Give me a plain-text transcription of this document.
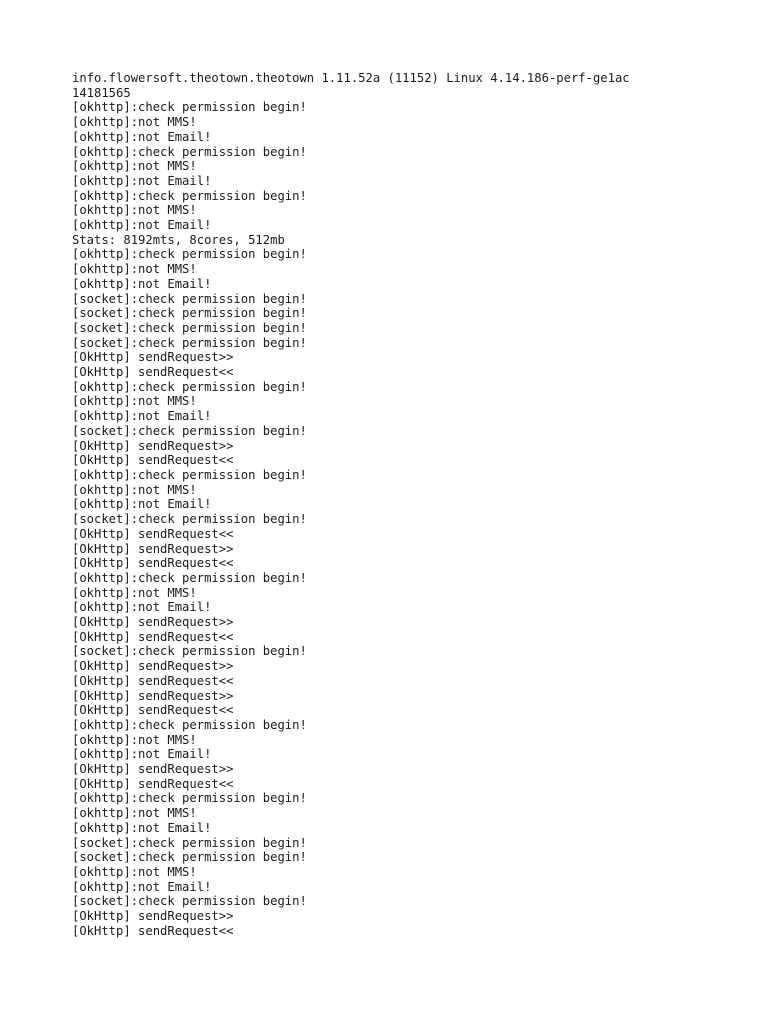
info.flowersoft.theotown.theotown 1.11.52a (11152) Linux 4.14.186-perf-ge1ac14181565
[okhttp]:check permission begin!
[okhttp]:not MMS!
[okhttp]:not Email!
[okhttp]:check permission begin!
[okhttp]:not MMS!
[okhttp]:not Email!
[okhttp]:check permission begin!
[okhttp]:not MMS!
[okhttp]:not Email!
Stats: 8192mts, 8cores, 512mb
[okhttp]:check permission begin!
[okhttp]:not MMS!
[okhttp]:not Email!
[socket]:check permission begin!
[socket]:check permission begin!
[socket]:check permission begin!
[socket]:check permission begin!
[OkHttp] sendRequest>>
[OkHttp] sendRequest<<
[okhttp]:check permission begin!
[okhttp]:not MMS!
[okhttp]:not Email!
[socket]:check permission begin!
[OkHttp] sendRequest>>
[OkHttp] sendRequest<<
[okhttp]:check permission begin!
[okhttp]:not MMS!
[okhttp]:not Email!
[socket]:check permission begin!
[OkHttp] sendRequest<<
[OkHttp] sendRequest>>
[OkHttp] sendRequest<<
[okhttp]:check permission begin!
[okhttp]:not MMS!
[okhttp]:not Email!
[OkHttp] sendRequest>>
[OkHttp] sendRequest<<
[socket]:check permission begin!
[OkHttp] sendRequest>>
[OkHttp] sendRequest<<
[OkHttp] sendRequest>>
[OkHttp] sendRequest<<
[okhttp]:check permission begin!
[okhttp]:not MMS!
[okhttp]:not Email!
[OkHttp] sendRequest>>
[OkHttp] sendRequest<<
[okhttp]:check permission begin!
[okhttp]:not MMS!
[okhttp]:not Email!
[socket]:check permission begin!
[socket]:check permission begin!
[okhttp]:not MMS!
[okhttp]:not Email!
[socket]:check permission begin!
[OkHttp] sendRequest>>
[OkHttp] sendRequest<<
